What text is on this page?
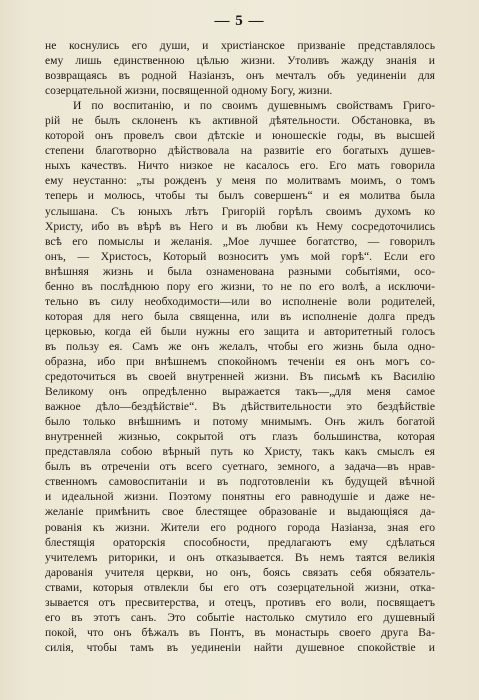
— 5 —
не коснулись его души, и христіанское призваніе представлялось
ему лишь единственною цѣлью жизни. Утоливъ жажду знанія и
возвращаясь въ родной Назіанзъ, онъ мечталъ объ уединеніи для
созерцательной жизни, посвященной одному Богу, жизни.
И по воспитанію, и по своимъ душевнымъ свойствамъ Григо-
рій не былъ склоненъ къ активной дѣятельности. Обстановка, въ
которой онъ провелъ свои дѣтскіе и юношескіе годы, въ высшей
степени благотворно дѣйствовала на развитіе его богатыхъ душев-
ныхъ качествъ. Ничто низкое не касалось его. Его мать говорила
ему неустанно: „ты рожденъ у меня по молитвамъ моимъ, о томъ
теперь и молюсь, чтобы ты былъ совершенъ“ и ея молитва была
услышана. Съ юныхъ лѣтъ Григорій горѣлъ своимъ духомъ ко
Христу, ибо въ вѣрѣ въ Него и въ любви къ Нему сосредоточились
всѣ его помыслы и желанія. „Мое лучшее богатство, — говорилъ
онъ, — Христосъ, Который возноситъ умъ мой горѣ“. Если его
внѣшняя жизнь и была ознаменована разными событіями, осо-
бенно въ послѣднюю пору его жизни, то не по его волѣ, а исключи-
тельно въ силу необходимости—или во исполненіе воли родителей,
которая для него была священна, или въ исполненіе долга предъ
церковью, когда ей были нужны его защита и авторитетный голосъ
въ пользу ея. Самъ же онъ желалъ, чтобы его жизнь была одно-
образна, ибо при внѣшнемъ спокойномъ теченіи ея онъ могъ со-
средоточиться въ своей внутренней жизни. Въ письмѣ къ Василію
Великому онъ опредѣленно выражается такъ—„для меня самое
важное дѣло—бездѣйствіе“. Въ дѣйствительности это бездѣйствіе
было только внѣшнимъ и потому мнимымъ. Онъ жилъ богатой
внутренней жизнью, сокрытой отъ глазъ большинства, которая
представляла собою вѣрный путь ко Христу, такъ какъ смыслъ ея
былъ въ отреченіи отъ всего суетнаго, земного, а задача—въ нрав-
ственномъ самовоспитаніи и въ подготовленіи къ будущей вѣчной
и идеальной жизни. Поэтому понятны его равнодушіе и даже не-
желаніе примѣнить свое блестящее образованіе и выдающіяся да-
рованія къ жизни. Жители его родного города Назіанза, зная его
блестящія ораторскія способности, предлагаютъ ему сдѣлаться
учителемъ риторики, и онъ отказывается. Въ немъ таятся великія
дарованія учителя церкви, но онъ, боясь связать себя обязатель-
ствами, которыя отвлекли бы его отъ созерцательной жизни, отка-
зывается отъ пресвитерства, и отецъ, противъ его воли, посвящаетъ
его въ этотъ санъ. Это событіе настолько смутило его душевный
покой, что онъ бѣжалъ въ Понтъ, въ монастырь своего друга Ва-
силія, чтобы тамъ въ уединеніи найти душевное спокойствіе и
